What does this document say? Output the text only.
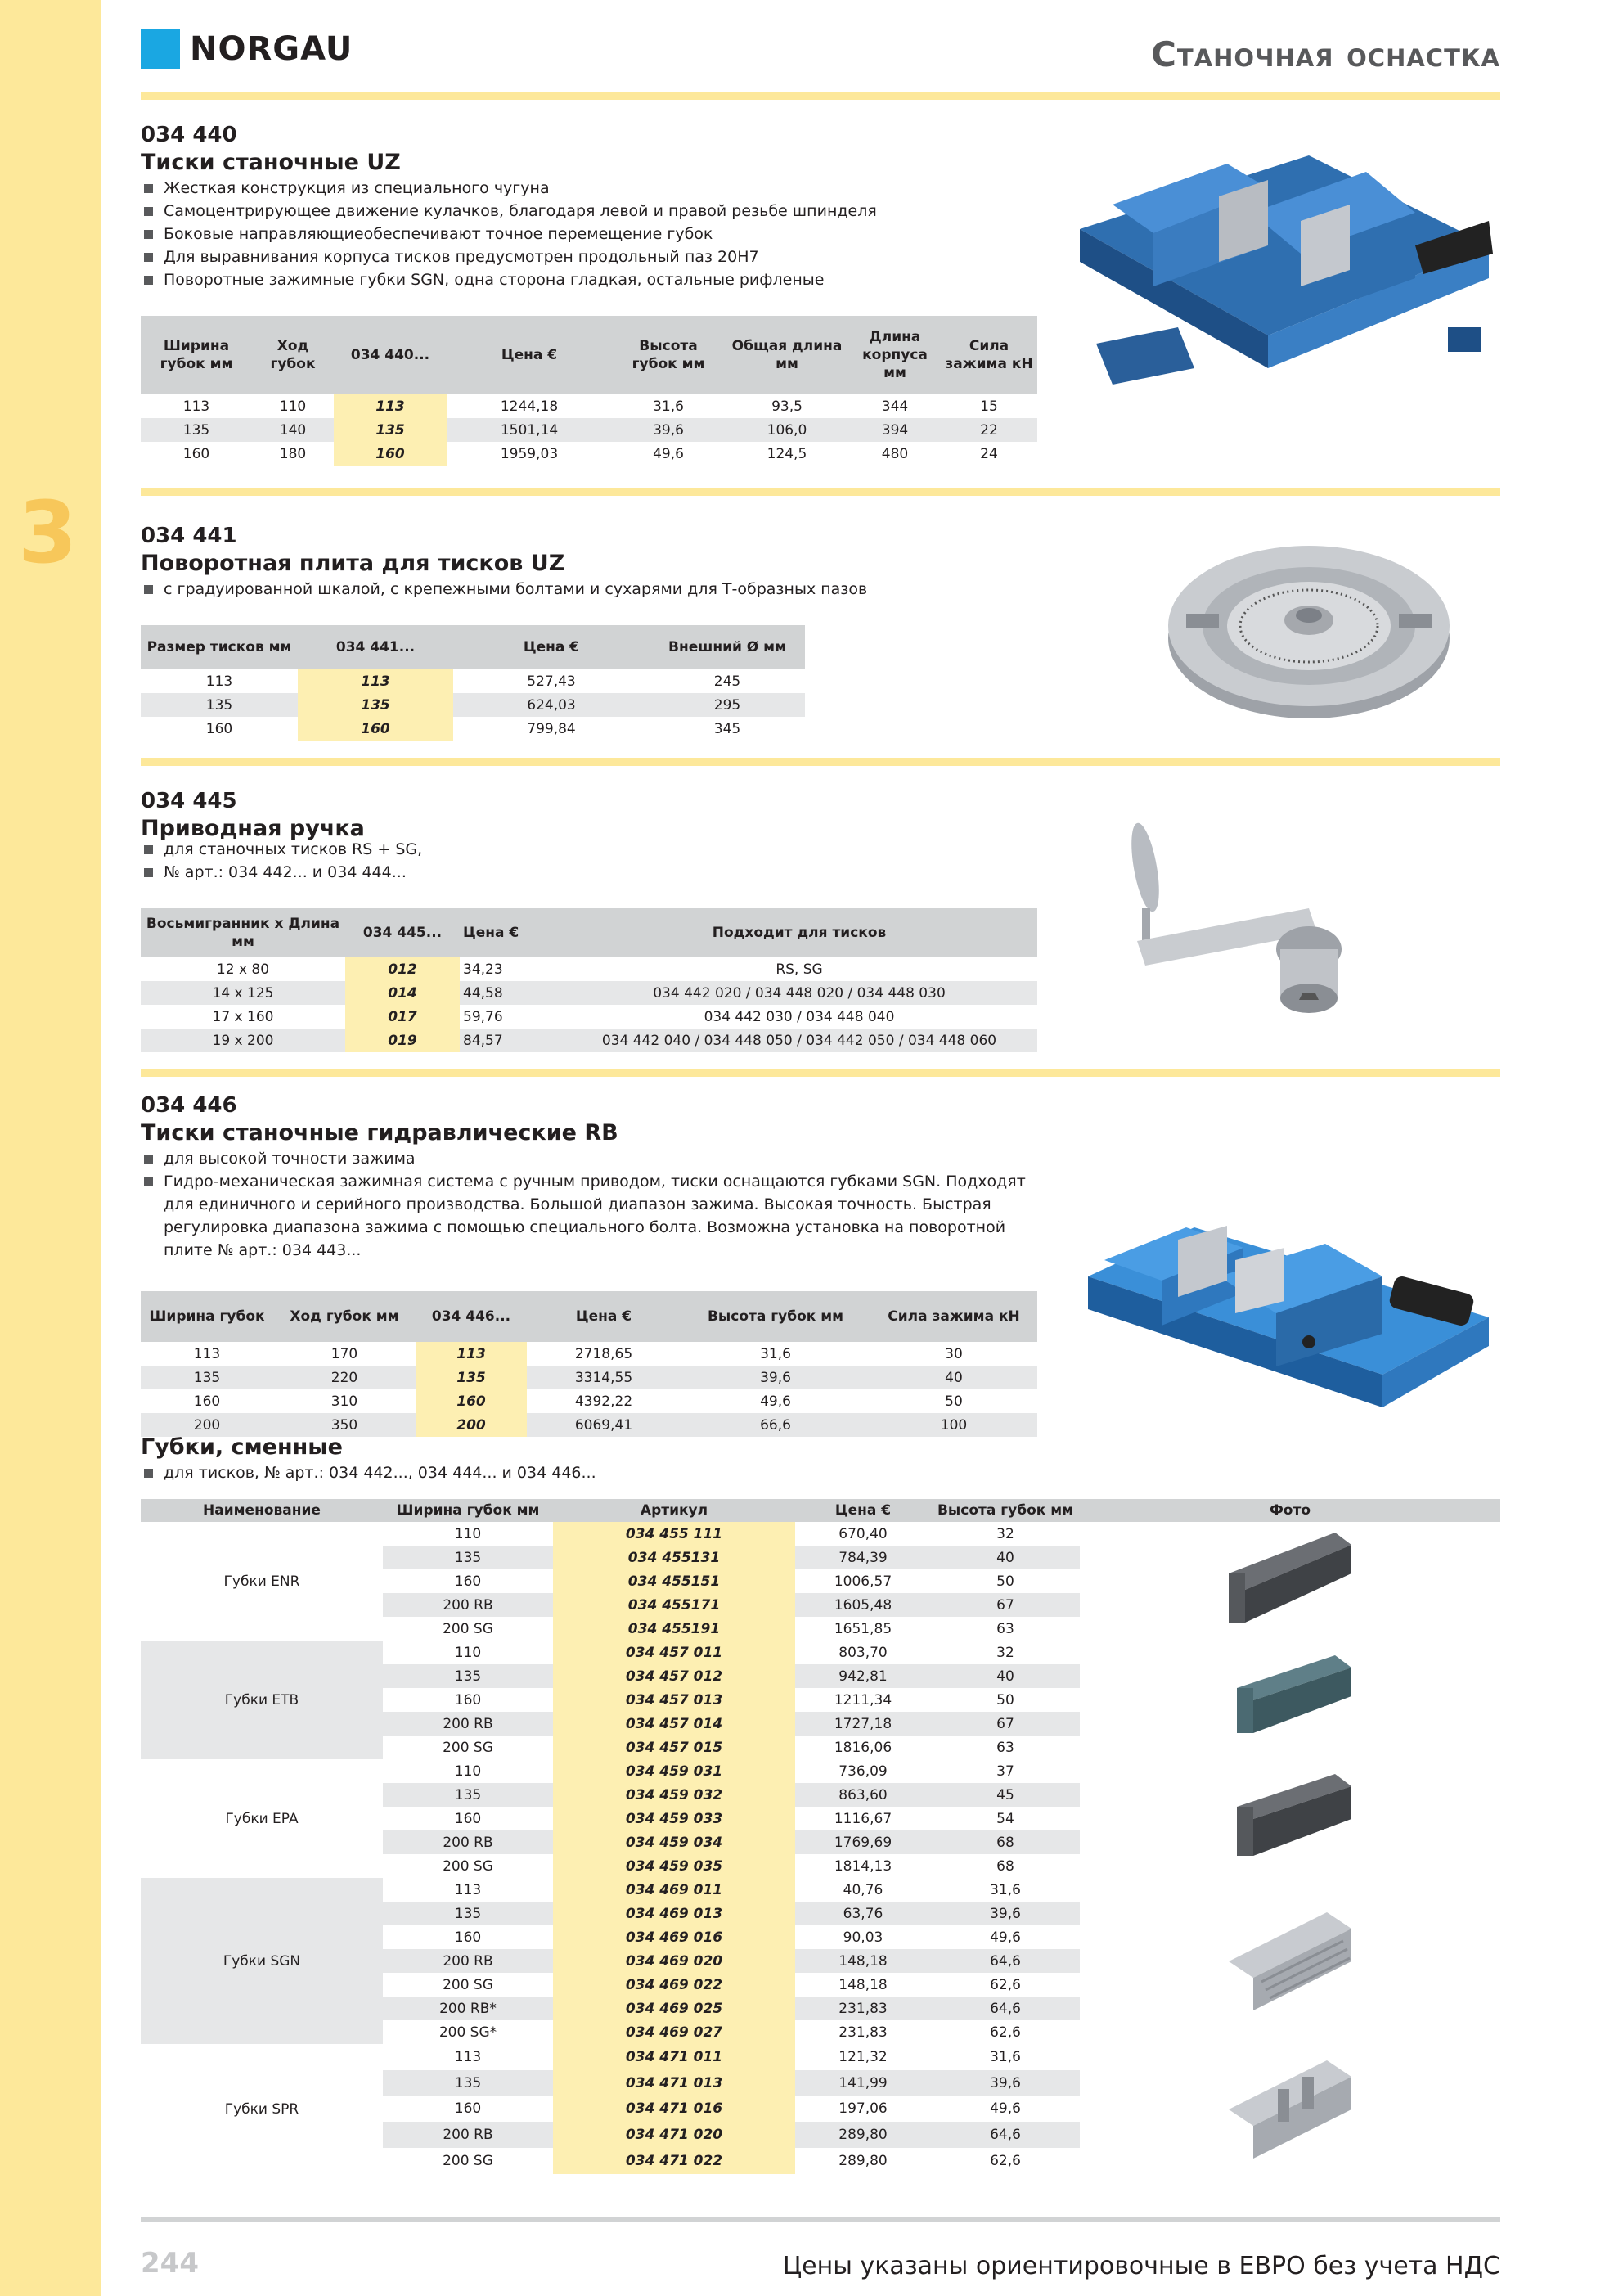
3
NORGAU	Станочная оснастка
034 440
Тиски станочные UZ
Жесткая конструкция из специального чугуна
Самоцентрирующее движение кулачков, благодаря левой и правой резьбе шпинделя
Боковые направляющиеобеспечивают точное перемещение губок
Для выравнивания корпуса тисков предусмотрен продольный паз 20H7
Поворотные зажимные губки SGN, одна сторона гладкая, остальные рифленые
Ширина губок мм	Ход губок	034 440...	Цена €	Высота губок мм	Общая длина мм	Длина корпуса мм	Сила зажима кН
113	110	113	1244,18	31,6	93,5	344	15
135	140	135	1501,14	39,6	106,0	394	22
160	180	160	1959,03	49,6	124,5	480	24
034 441
Поворотная плита для тисков UZ
с градуированной шкалой, с крепежными болтами и сухарями для Т-образных пазов
Размер тисков мм	034 441...	Цена €	Внешний Ø мм
113	113	527,43	245
135	135	624,03	295
160	160	799,84	345
034 445
Приводная ручка
для станочных тисков RS + SG,
№ арт.: 034 442... и 034 444...
Восьмигранник x Длина мм	034 445...	Цена €	Подходит для тисков
12 x 80	012	34,23	RS, SG
14 x 125	014	44,58	034 442 020 / 034 448 020 / 034 448 030
17 x 160	017	59,76	034 442 030 / 034 448 040
19 x 200	019	84,57	034 442 040 / 034 448 050 / 034 442 050 / 034 448 060
034 446
Тиски станочные гидравлические RB
для высокой точности зажима
Гидро-механическая зажимная система с ручным приводом, тиски оснащаются губками SGN. Подходят для единичного и серийного производства. Большой диапазон зажима. Высокая точность. Быстрая регулировка диапазона зажима с помощью специального болта. Возможна установка на поворотной плите № арт.: 034 443...
Ширина губок	Ход губок мм	034 446...	Цена €	Высота губок мм	Сила зажима кН
113	170	113	2718,65	31,6	30
135	220	135	3314,55	39,6	40
160	310	160	4392,22	49,6	50
200	350	200	6069,41	66,6	100
Губки, сменные
для тисков, № арт.: 034 442..., 034 444... и 034 446...
Наименование	Ширина губок мм	Артикул	Цена €	Высота губок мм	Фото
Губки ENR	110	034 455 111	670,40	32	
	135	034 455131	784,39	40	
	160	034 455151	1006,57	50	
	200 RB	034 455171	1605,48	67	
	200 SG	034 455191	1651,85	63	
Губки ETB	110	034 457 011	803,70	32	
	135	034 457 012	942,81	40	
	160	034 457 013	1211,34	50	
	200 RB	034 457 014	1727,18	67	
	200 SG	034 457 015	1816,06	63	
Губки EPA	110	034 459 031	736,09	37	
	135	034 459 032	863,60	45	
	160	034 459 033	1116,67	54	
	200 RB	034 459 034	1769,69	68	
	200 SG	034 459 035	1814,13	68	
Губки SGN	113	034 469 011	40,76	31,6	
	135	034 469 013	63,76	39,6	
	160	034 469 016	90,03	49,6	
	200 RB	034 469 020	148,18	64,6	
	200 SG	034 469 022	148,18	62,6	
	200 RB*	034 469 025	231,83	64,6	
	200 SG*	034 469 027	231,83	62,6	
Губки SPR	113	034 471 011	121,32	31,6	
	135	034 471 013	141,99	39,6	
	160	034 471 016	197,06	49,6	
	200 RB	034 471 020	289,80	64,6	
	200 SG	034 471 022	289,80	62,6	
244	Цены указаны ориентировочные в ЕВРО без учета НДС
